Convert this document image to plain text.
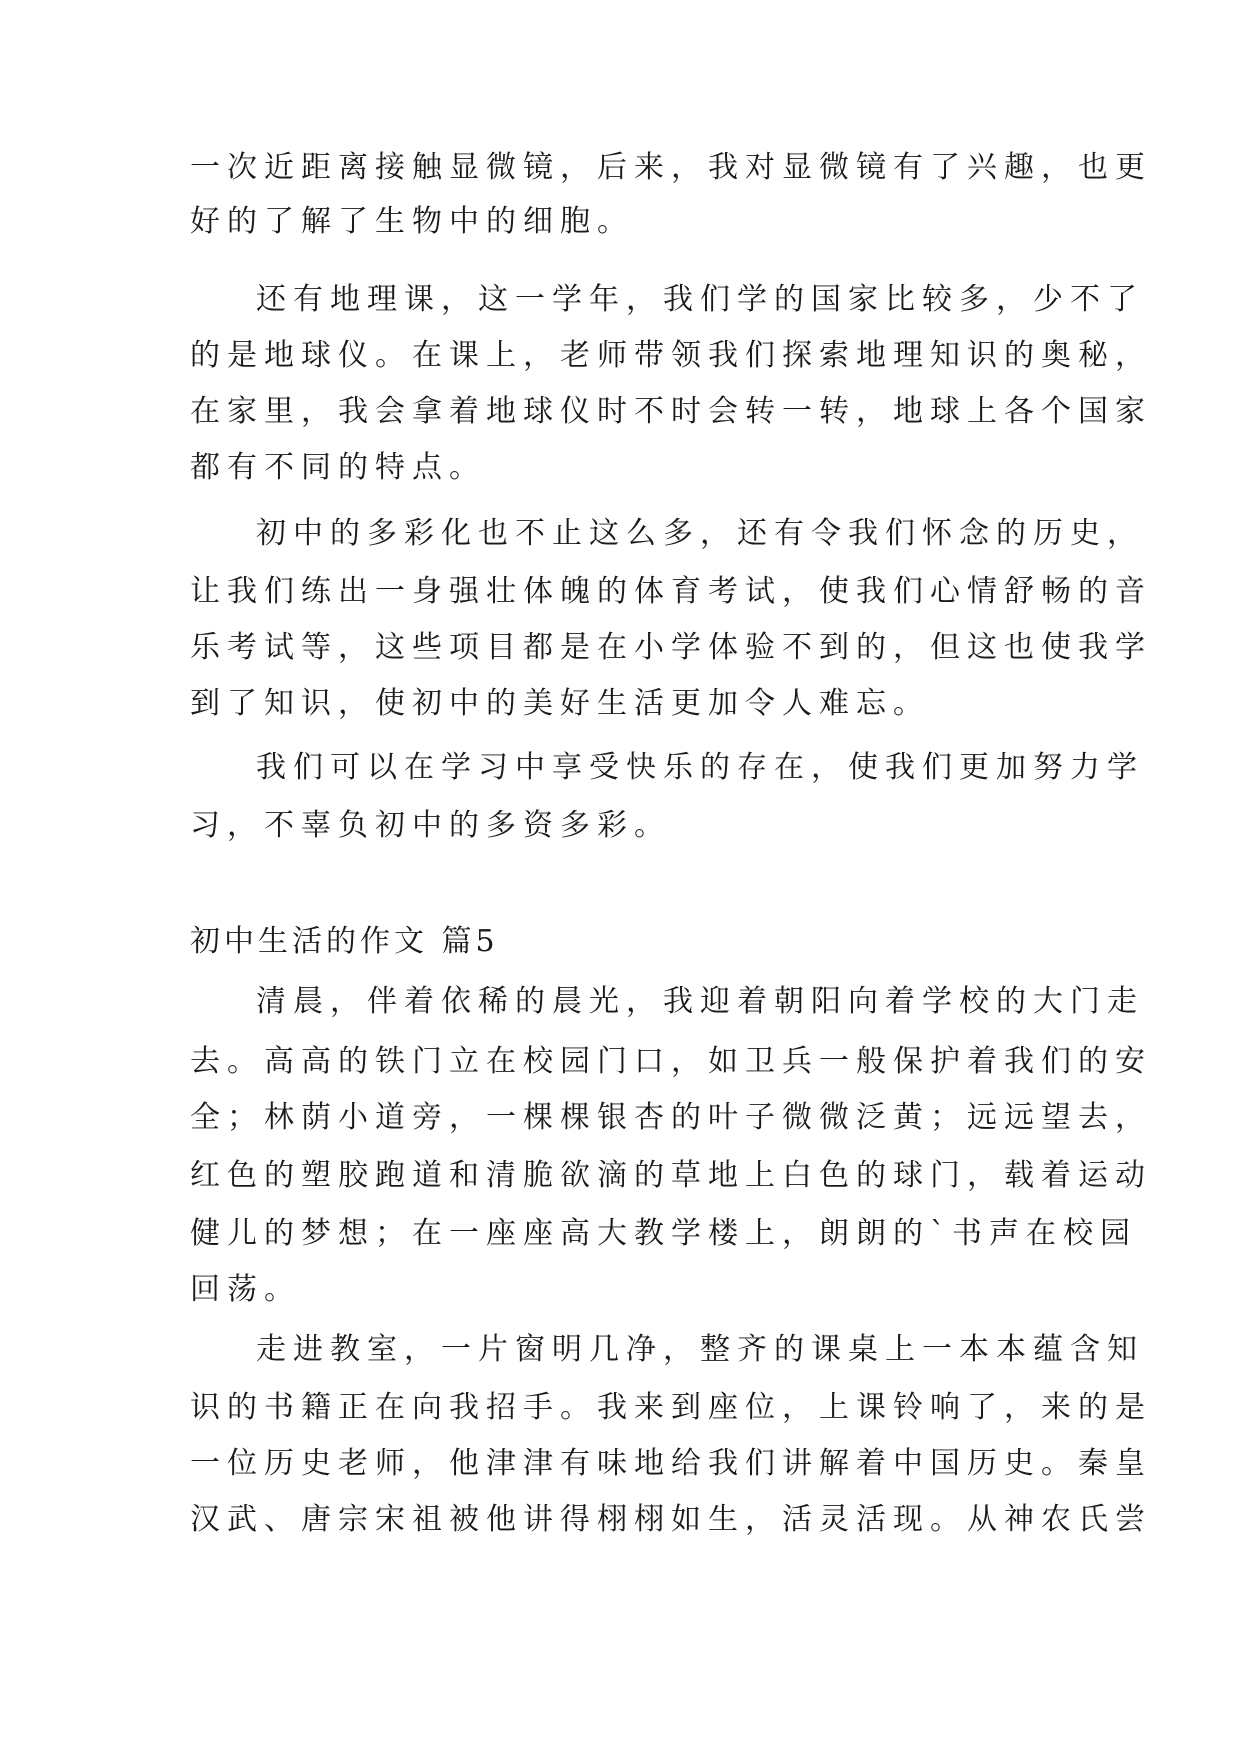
一次近距离接触显微镜，后来，我对显微镜有了兴趣，也更
好的了解了生物中的细胞。
还有地理课，这一学年，我们学的国家比较多，少不了
的是地球仪。在课上，老师带领我们探索地理知识的奥秘，
在家里，我会拿着地球仪时不时会转一转，地球上各个国家
都有不同的特点。
初中的多彩化也不止这么多，还有令我们怀念的历史，
让我们练出一身强壮体魄的体育考试，使我们心情舒畅的音
乐考试等，这些项目都是在小学体验不到的，但这也使我学
到了知识，使初中的美好生活更加令人难忘。
我们可以在学习中享受快乐的存在，使我们更加努力学
习，不辜负初中的多资多彩。
初中生活的作文 篇5
清晨，伴着依稀的晨光，我迎着朝阳向着学校的大门走
去。高高的铁门立在校园门口，如卫兵一般保护着我们的安
全；林荫小道旁，一棵棵银杏的叶子微微泛黄；远远望去，
红色的塑胶跑道和清脆欲滴的草地上白色的球门，载着运动
健儿的梦想；在一座座高大教学楼上，朗朗的`书声在校园
回荡。
走进教室，一片窗明几净，整齐的课桌上一本本蕴含知
识的书籍正在向我招手。我来到座位，上课铃响了，来的是
一位历史老师，他津津有味地给我们讲解着中国历史。秦皇
汉武、唐宗宋祖被他讲得栩栩如生，活灵活现。从神农氏尝
